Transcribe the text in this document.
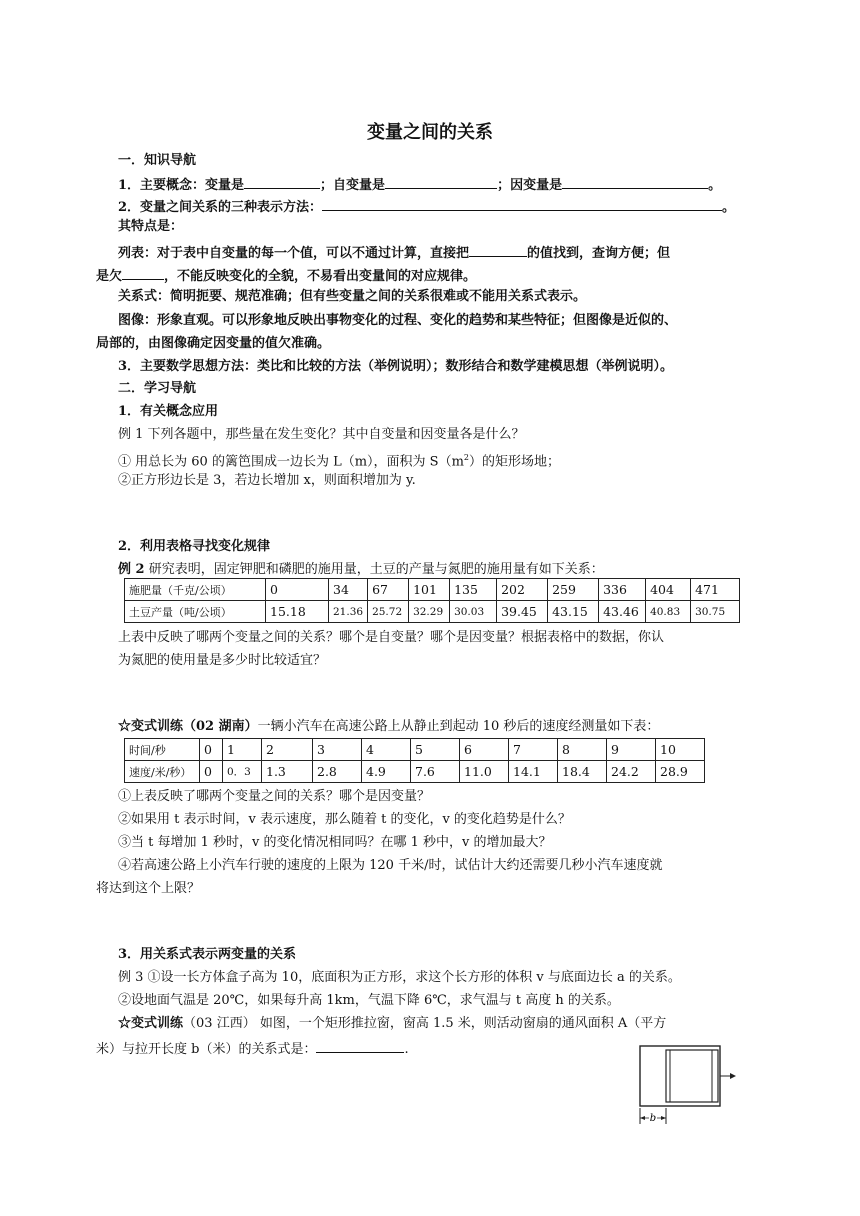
变量之间的关系
一．知识导航
1．主要概念：变量是	；自变量是	；因变量是	。
2．变量之间关系的三种表示方法：	。
其特点是：
列表：对于表中自变量的每一个值，可以不通过计算，直接把	的值找到，查询方便；但
是欠	，不能反映变化的全貌，不易看出变量间的对应规律。
关系式：简明扼要、规范准确；但有些变量之间的关系很难或不能用关系式表示。
图像：形象直观。可以形象地反映出事物变化的过程、变化的趋势和某些特征；但图像是近似的、
局部的，由图像确定因变量的值欠准确。
3．主要数学思想方法：类比和比较的方法（举例说明）；数形结合和数学建模思想（举例说明）。
二．学习导航
1．有关概念应用
例 1 下列各题中，那些量在发生变化？其中自变量和因变量各是什么？
① 用总长为 60 的篱笆围成一边长为 L（m），面积为 $S(m^2)$的矩形场地；
②正方形边长是 3，若边长增加 x，则面积增加为 y.
2．利用表格寻找变化规律
例 2 研究表明，固定钾肥和磷肥的施用量，土豆的产量与氮肥的施用量有如下关系：
施肥量（千克/公顷）	0	34	67	101	135	202	259	336	404	471
土豆产量（吨/公顷）	15.18	21.36	25.72	32.29	30.03	39.45	43.15	43.46	40.83	30.75
上表中反映了哪两个变量之间的关系？哪个是自变量？哪个是因变量？根据表格中的数据，你认
为氮肥的使用量是多少时比较适宜？
☆变式训练（02 湖南）一辆小汽车在高速公路上从静止到起动 10 秒后的速度经测量如下表：
时间/秒	0	1	2	3	4	5	6	7	8	9	10
速度/米/秒）	0	0．3	1.3	2.8	4.9	7.6	11.0	14.1	18.4	24.2	28.9
①上表反映了哪两个变量之间的关系？哪个是因变量？
②如果用 t 表示时间，v 表示速度，那么随着 t 的变化，v 的变化趋势是什么？
③当 t 每增加 1 秒时，v 的变化情况相同吗？在哪 1 秒中，v 的增加最大？
④若高速公路上小汽车行驶的速度的上限为 120 千米/时，试估计大约还需要几秒小汽车速度就
将达到这个上限？
3．用关系式表示两变量的关系
例 3 ①设一长方体盒子高为 10，底面积为正方形，求这个长方形的体积 v 与底面边长 a 的关系。
②设地面气温是 20℃，如果每升高 1km，气温下降 6℃，求气温与 t 高度 h 的关系。
☆变式训练（03 江西） 如图，一个矩形推拉窗，窗高 1.5 米，则活动窗扇的通风面积 A（平方
米）与拉开长度 b（米）的关系式是：	.
b
